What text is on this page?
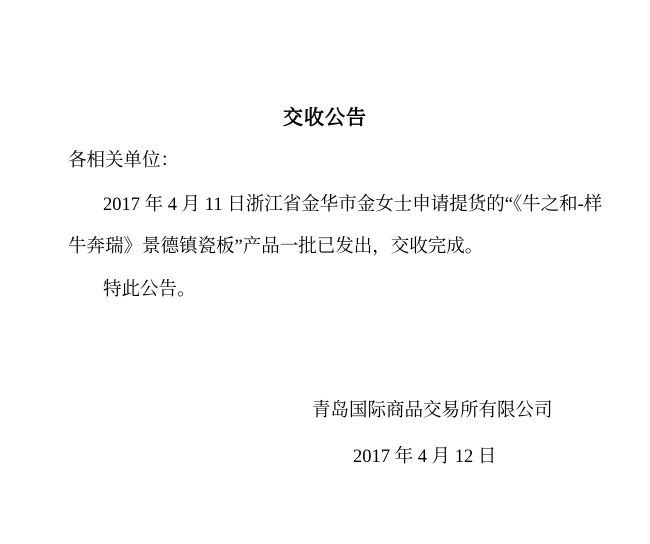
交收公告
各相关单位：
2017 年 4 月 11 日浙江省金华市金女士申请提货的“《牛之和-样
牛奔瑞》景德镇瓷板”产品一批已发出，交收完成。
特此公告。
青岛国际商品交易所有限公司
2017 年 4 月 12 日
